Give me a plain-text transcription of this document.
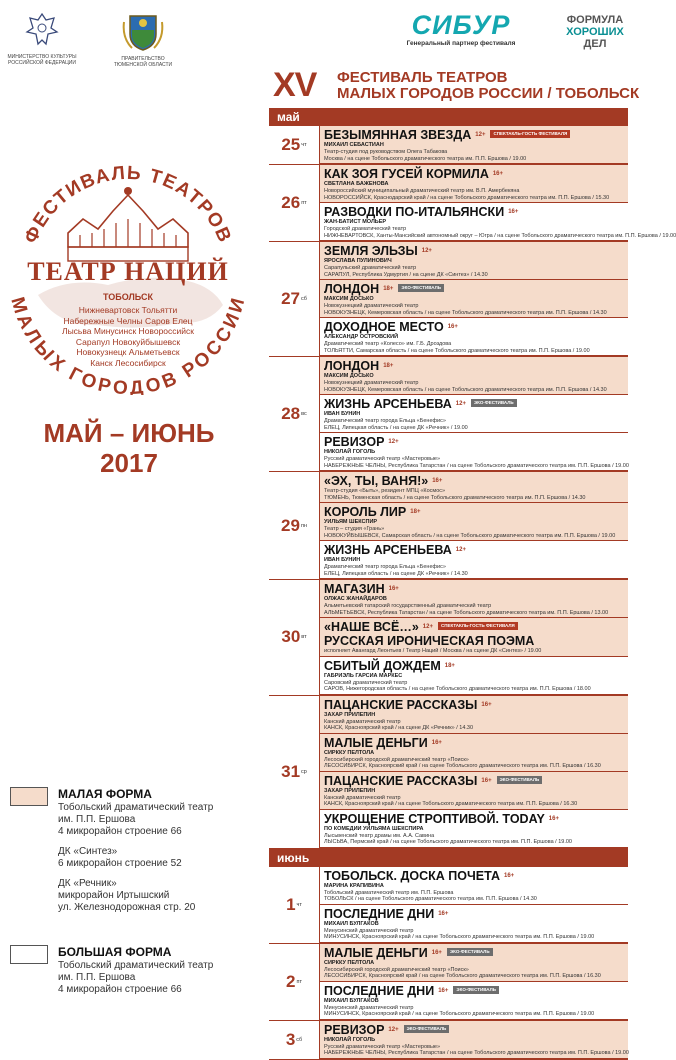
МИНИСТЕРСТВО КУЛЬТУРЫ РОССИЙСКОЙ ФЕДЕРАЦИИ
ПРАВИТЕЛЬСТВО ТЮМЕНСКОЙ ОБЛАСТИ
СИБУР
Генеральный партнер фестиваля
ФОРМУЛА
ХОРОШИХ
ДЕЛ
XV ФЕСТИВАЛЬ ТЕАТРОВ
МАЛЫХ ГОРОДОВ РОССИИ / ТОБОЛЬСК
ФЕСТИВАЛЬ ТЕАТРОВ
МАЛЫХ ГОРОДОВ РОССИИ
ТЕАТР НАЦИЙ
ТОБОЛЬСК
Нижневартовск Тольятти
Набережные Челны Саров Елец
Лысьва Минусинск Новороссийск
Сарапул Новокуйбышевск
Новокузнецк Альметьевск
Канск Лесосибирск
МАЙ – ИЮНЬ
2017
МАЛАЯ ФОРМА
Тобольский драматический театр
им. П.П. Ершова
4 микрорайон строение 66
ДК «Синтез»
6 микрорайон строение 52
ДК «Речник»
микрорайон Иртышский
ул. Железнодорожная стр. 20
БОЛЬШАЯ ФОРМА
Тобольский драматический театр
им. П.П. Ершова
4 микрорайон строение 66
май
25 чт
БЕЗЫМЯННАЯ ЗВЕЗДА $^{12+}$ СПЕКТАКЛЬ-ГОСТЬ ФЕСТИВАЛЯ
МИХАИЛ СЕБАСТИАН
Театр-студия под руководством Олега Табакова
Москва / на сцене Тобольского драматического театра им. П.П. Ершова / 19.00
26 пт
КАК ЗОЯ ГУСЕЙ КОРМИЛА $^{16+}$
СВЕТЛАНА БАЖЕНОВА
Новороссийский муниципальный драматический театр им. В.П. Амербекяна
НОВОРОССИЙСК, Краснодарский край / на сцене Тобольского драматического театра им. П.П. Ершова / 15.30
РАЗВОДКИ ПО-ИТАЛЬЯНСКИ $^{16+}$
ЖАН-БАТИСТ МОЛЬЕР
Городской драматический театр
НИЖНЕВАРТОВСК, Ханты-Мансийский автономный округ – Югра / на сцене Тобольского драматического театра им. П.П. Ершова / 19.00
27 сб
ЗЕМЛЯ ЭЛЬЗЫ $^{12+}$
ЯРОСЛАВА ПУЛИНОВИЧ
Сарапульский драматический театр
САРАПУЛ, Республика Удмуртия / на сцене ДК «Синтез» / 14.30
ЛОНДОН $^{18+}$ ЭКО-ФЕСТИВАЛЬ
МАКСИМ ДОСЬКО
Новокузнецкий драматический театр
НОВОКУЗНЕЦК, Кемеровская область / на сцене Тобольского драматического театра им. П.П. Ершова / 14.30
ДОХОДНОЕ МЕСТО $^{16+}$
АЛЕКСАНДР ОСТРОВСКИЙ
Драматический театр «Колесо» им. Г.Б. Дроздова
ТОЛЬЯТТИ, Самарская область / на сцене Тобольского драматического театра им. П.П. Ершова / 19.00
28 вс
ЛОНДОН $^{18+}$
МАКСИМ ДОСЬКО
Новокузнецкий драматический театр
НОВОКУЗНЕЦК, Кемеровская область / на сцене Тобольского драматического театра им. П.П. Ершова / 14.30
ЖИЗНЬ АРСЕНЬЕВА $^{12+}$ ЭКО-ФЕСТИВАЛЬ
ИВАН БУНИН
Драматический театр города Ельца «Бенефис»
ЕЛЕЦ, Липецкая область / на сцене ДК «Речник» / 19.00
РЕВИЗОР $^{12+}$
НИКОЛАЙ ГОГОЛЬ
Русский драматический театр «Мастеровые»
НАБЕРЕЖНЫЕ ЧЕЛНЫ, Республика Татарстан / на сцене Тобольского драматического театра им. П.П. Ершова / 19.00
29 пн
«ЭХ, ТЫ, ВАНЯ!» $^{16+}$
Театр-студия «Быть», резидент МПЦ «Космос»
ТЮМЕНЬ, Тюменская область / на сцене Тобольского драматического театра им. П.П. Ершова / 14.30
КОРОЛЬ ЛИР $^{18+}$
УИЛЬЯМ ШЕКСПИР
Театр – студия «Грань»
НОВОКУЙБЫШЕВСК, Самарская область / на сцене Тобольского драматического театра им. П.П. Ершова / 19.00
ЖИЗНЬ АРСЕНЬЕВА $^{12+}$
ИВАН БУНИН
Драматический театр города Ельца «Бенефис»
ЕЛЕЦ, Липецкая область / на сцене ДК «Речник» / 14.30
30 вт
МАГАЗИН $^{16+}$
ОЛЖАС ЖАНАЙДАРОВ
Альметьевский татарский государственный драматический театр
АЛЬМЕТЬЕВСК, Республика Татарстан / на сцене Тобольского драматического театра им. П.П. Ершова / 13.00
«НАШЕ ВСЁ…» $^{12+}$ СПЕКТАКЛЬ-ГОСТЬ ФЕСТИВАЛЯ
РУССКАЯ ИРОНИЧЕСКАЯ ПОЭМА
исполняет Авангард Леонтьев / Театр Наций / Москва / на сцене ДК «Синтез» / 19.00
СБИТЫЙ ДОЖДЕМ $^{18+}$
ГАБРИЭЛЬ ГАРСИА МАРКЕС
Саровский драматический театр
САРОВ, Нижегородская область / на сцене Тобольского драматического театра им. П.П. Ершова / 18.00
31 ср
ПАЦАНСКИЕ РАССКАЗЫ $^{16+}$
ЗАХАР ПРИЛЕПИН
Канский драматический театр
КАНСК, Красноярский край / на сцене ДК «Речник» / 14.30
МАЛЫЕ ДЕНЬГИ $^{16+}$
СИРККУ ПЕЛТОЛА
Лесосибирский городской драматический театр «Поиск»
ЛЕСОСИБИРСК, Красноярский край / на сцене Тобольского драматического театра им. П.П. Ершова / 16.30
ПАЦАНСКИЕ РАССКАЗЫ $^{16+}$ ЭКО-ФЕСТИВАЛЬ
ЗАХАР ПРИЛЕПИН
Канский драматический театр
КАНСК, Красноярский край / на сцене Тобольского драматического театра им. П.П. Ершова / 16.30
УКРОЩЕНИЕ СТРОПТИВОЙ. TODAY $^{16+}$
ПО КОМЕДИИ УИЛЬЯМА ШЕКСПИРА
Лысьвенский театр драмы им. А.А. Савина
ЛЫСЬВА, Пермский край / на сцене Тобольского драматического театра им. П.П. Ершова / 19.00
июнь
1 чт
ТОБОЛЬСК. ДОСКА ПОЧЕТА $^{16+}$
МАРИНА КРАПИВИНА
Тобольский драматический театр им. П.П. Ершова
ТОБОЛЬСК / на сцене Тобольского драматического театра им. П.П. Ершова / 14.30
ПОСЛЕДНИЕ ДНИ $^{16+}$
МИХАИЛ БУЛГАКОВ
Минусинский драматический театр
МИНУСИНСК, Красноярский край / на сцене Тобольского драматического театра им. П.П. Ершова / 19.00
2 пт
МАЛЫЕ ДЕНЬГИ $^{16+}$ ЭКО-ФЕСТИВАЛЬ
СИРККУ ПЕЛТОЛА
Лесосибирский городской драматический театр «Поиск»
ЛЕСОСИБИРСК, Красноярский край / на сцене Тобольского драматического театра им. П.П. Ершова / 16.30
ПОСЛЕДНИЕ ДНИ $^{16+}$ ЭКО-ФЕСТИВАЛЬ
МИХАИЛ БУЛГАКОВ
Минусинский драматический театр
МИНУСИНСК, Красноярский край / на сцене Тобольского драматического театра им. П.П. Ершова / 19.00
3 сб
РЕВИЗОР $^{12+}$ ЭКО-ФЕСТИВАЛЬ
НИКОЛАЙ ГОГОЛЬ
Русский драматический театр «Мастеровые»
НАБЕРЕЖНЫЕ ЧЕЛНЫ, Республика Татарстан / на сцене Тобольского драматического театра им. П.П. Ершова / 19.00
